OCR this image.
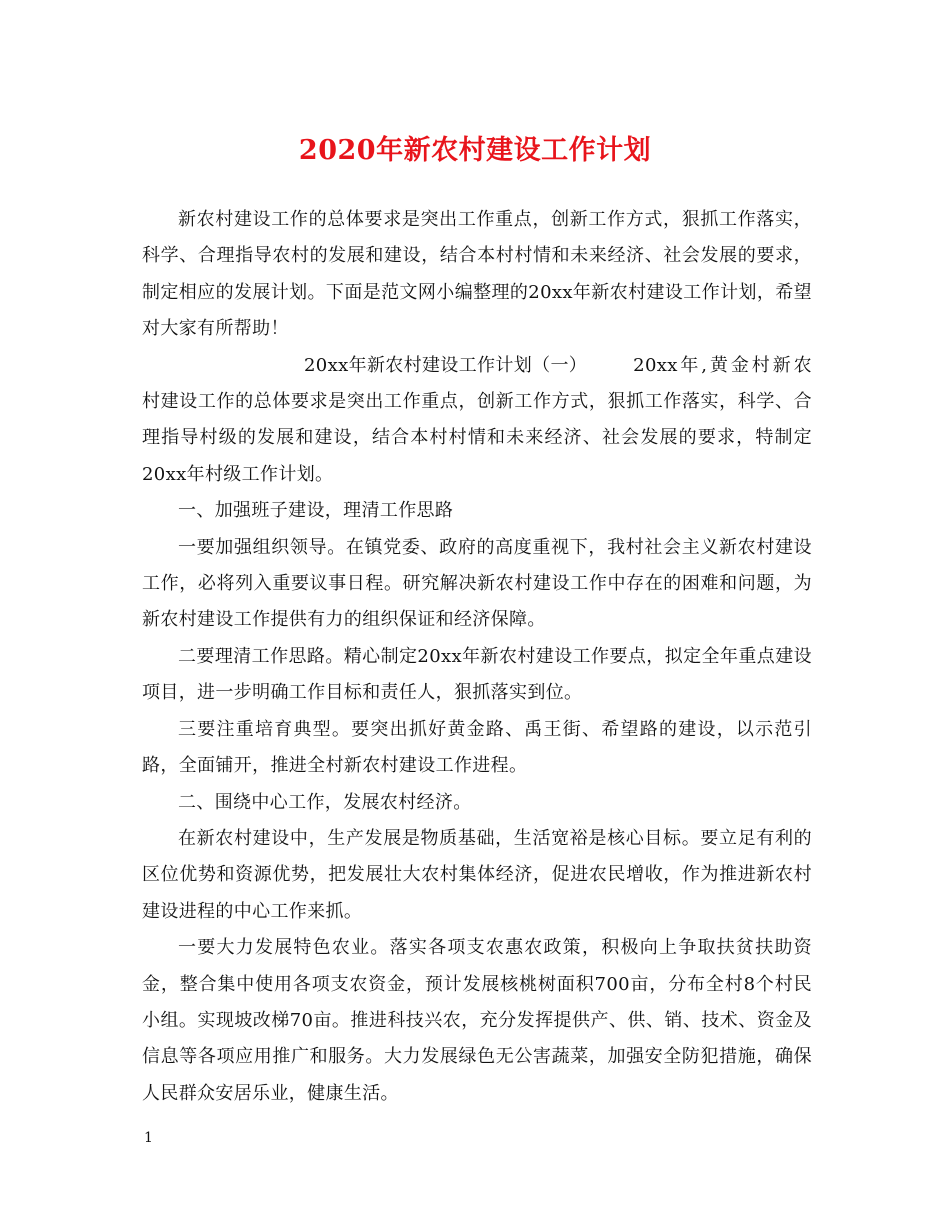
2020年新农村建设工作计划

新农村建设工作的总体要求是突出工作重点，创新工作方式，狠抓工作落实，科学、合理指导农村的发展和建设，结合本村村情和未来经济、社会发展的要求，制定相应的发展计划。下面是范文网小编整理的20xx年新农村建设工作计划，希望对大家有所帮助！

20xx年新农村建设工作计划（一）	20xx年,黄金村新农村建设工作的总体要求是突出工作重点，创新工作方式，狠抓工作落实，科学、合理指导村级的发展和建设，结合本村村情和未来经济、社会发展的要求，特制定20xx年村级工作计划。

一、加强班子建设，理清工作思路

一要加强组织领导。在镇党委、政府的高度重视下，我村社会主义新农村建设工作，必将列入重要议事日程。研究解决新农村建设工作中存在的困难和问题，为新农村建设工作提供有力的组织保证和经济保障。

二要理清工作思路。精心制定20xx年新农村建设工作要点，拟定全年重点建设项目，进一步明确工作目标和责任人，狠抓落实到位。

三要注重培育典型。要突出抓好黄金路、禹王街、希望路的建设，以示范引路，全面铺开，推进全村新农村建设工作进程。

二、围绕中心工作，发展农村经济。

在新农村建设中，生产发展是物质基础，生活宽裕是核心目标。要立足有利的区位优势和资源优势，把发展壮大农村集体经济，促进农民增收，作为推进新农村建设进程的中心工作来抓。

一要大力发展特色农业。落实各项支农惠农政策，积极向上争取扶贫扶助资金，整合集中使用各项支农资金，预计发展核桃树面积700亩，分布全村8个村民小组。实现坡改梯70亩。推进科技兴农，充分发挥提供产、供、销、技术、资金及信息等各项应用推广和服务。大力发展绿色无公害蔬菜，加强安全防犯措施，确保人民群众安居乐业，健康生活。

1
